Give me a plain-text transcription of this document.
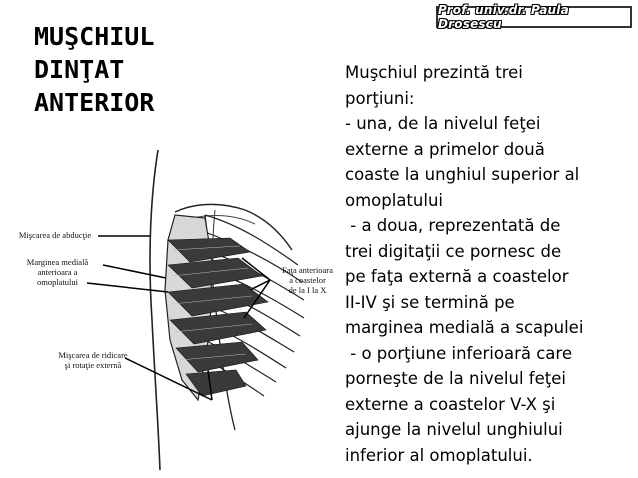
Prof. univ.dr. Paula Drosescu
MUŞCHIUL
DINŢAT
ANTERIOR
Mişcarea de abducţie
Marginea medială
anterioara a
omoplatului
Faţa anterioara
a coastelor
de la I la X
Mişcarea de ridicare
şi rotaţie externă
Muşchiul prezintă trei
porţiuni:
- una, de la nivelul feţei
externe a primelor două
coaste la unghiul superior al
omoplatului
- a doua, reprezentată de
trei digitaţii ce pornesc de
pe faţa externă a coastelor
II-IV şi se termină pe
marginea medială a scapulei
- o porţiune inferioară care
porneşte de la nivelul feţei
externe a coastelor V-X şi
ajunge la nivelul unghiului
inferior al omoplatului.
